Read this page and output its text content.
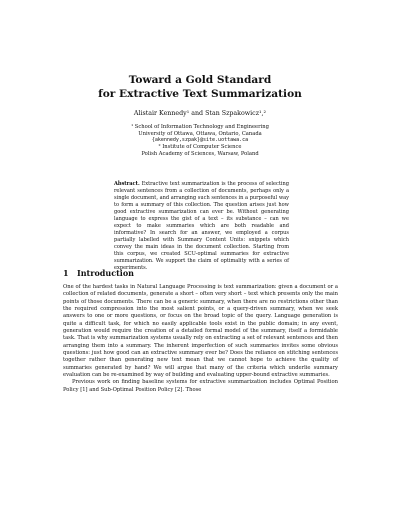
Toward a Gold Standard
for Extractive Text Summarization
Alistair Kennedy¹ and Stan Szpakowicz¹,²
¹ School of Information Technology and Engineering
University of Ottawa, Ottawa, Ontario, Canada
{akennedy,szpak}@site.uottawa.ca
² Institute of Computer Science
Polish Academy of Sciences, Warsaw, Poland
Abstract. Extractive text summarization is the process of selecting relevant sentences from a collection of documents, perhaps only a single document, and arranging such sentences in a purposeful way to form a summary of this collection. The question arises just how good extractive summarization can ever be. Without generating language to express the gist of a text – its substance – can we expect to make summaries which are both readable and informative? In search for an answer, we employed a corpus partially labelled with Summary Content Units: snippets which convey the main ideas in the document collection. Starting from this corpus, we created SCU-optimal summaries for extractive summarization. We support the claim of optimality with a series of experiments.
1 Introduction

One of the hardest tasks in Natural Language Processing is text summarization: given a document or a collection of related documents, generate a short – often very short – text which presents only the main points of those documents. There can be a generic summary, when there are no restrictions other than the required compression into the most salient points, or a query-driven summary, when we seek answers to one or more questions, or focus on the broad topic of the query. Language generation is quite a difficult task, for which no easily applicable tools exist in the public domain; in any event, generation would require the creation of a detailed formal model of the summary, itself a formidable task. That is why summarization systems usually rely on extracting a set of relevant sentences and then arranging them into a summary. The inherent imperfection of such summaries invites some obvious questions: just how good can an extractive summary ever be? Does the reliance on stitching sentences together rather than generating new text mean that we cannot hope to achieve the quality of summaries generated by hand? We will argue that many of the criteria which underlie summary evaluation can be re-examined by way of building and evaluating upper-bound extractive summaries.

Previous work on finding baseline systems for extractive summarization includes Optimal Position Policy [1] and Sub-Optimal Position Policy [2]. Those
